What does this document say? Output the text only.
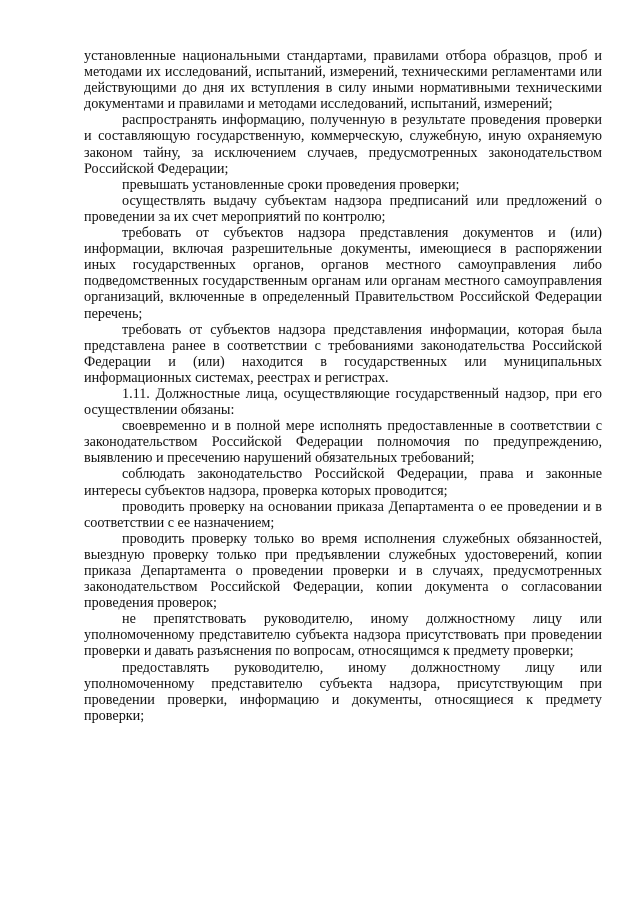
установленные национальными стандартами, правилами отбора образцов, проб и методами их исследований, испытаний, измерений, техническими регламентами или действующими до дня их вступления в силу иными нормативными техническими документами и правилами и методами исследований, испытаний, измерений;

распространять информацию, полученную в результате проведения проверки и составляющую государственную, коммерческую, служебную, иную охраняемую законом тайну, за исключением случаев, предусмотренных законодательством Российской Федерации;

превышать установленные сроки проведения проверки;

осуществлять выдачу субъектам надзора предписаний или предложений о проведении за их счет мероприятий по контролю;

требовать от субъектов надзора представления документов и (или) информации, включая разрешительные документы, имеющиеся в распоряжении иных государственных органов, органов местного самоуправления либо подведомственных государственным органам или органам местного самоуправления организаций, включенные в определенный Правительством Российской Федерации перечень;

требовать от субъектов надзора представления информации, которая была представлена ранее в соответствии с требованиями законодательства Российской Федерации и (или) находится в государственных или муниципальных информационных системах, реестрах и регистрах.

1.11. Должностные лица, осуществляющие государственный надзор, при его осуществлении обязаны:

своевременно и в полной мере исполнять предоставленные в соответствии с законодательством Российской Федерации полномочия по предупреждению, выявлению и пресечению нарушений обязательных требований;

соблюдать законодательство Российской Федерации, права и законные интересы субъектов надзора, проверка которых проводится;

проводить проверку на основании приказа Департамента о ее проведении и в соответствии с ее назначением;

проводить проверку только во время исполнения служебных обязанностей, выездную проверку только при предъявлении служебных удостоверений, копии приказа Департамента о проведении проверки и в случаях, предусмотренных законодательством Российской Федерации, копии документа о согласовании проведения проверок;

не препятствовать руководителю, иному должностному лицу или уполномоченному представителю субъекта надзора присутствовать при проведении проверки и давать разъяснения по вопросам, относящимся к предмету проверки;

предоставлять руководителю, иному должностному лицу или уполномоченному представителю субъекта надзора, присутствующим при проведении проверки, информацию и документы, относящиеся к предмету проверки;
